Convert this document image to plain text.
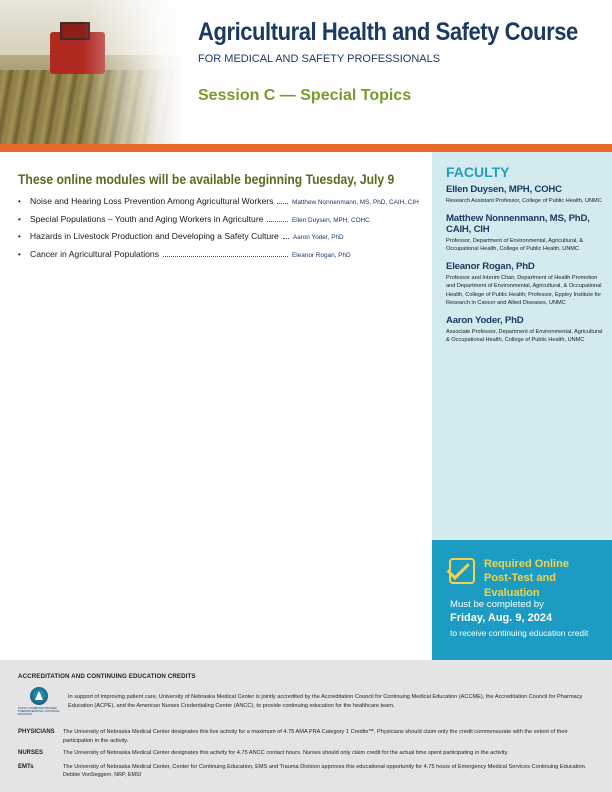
Agricultural Health and Safety Course
FOR MEDICAL AND SAFETY PROFESSIONALS
Session C — Special Topics
These online modules will be available beginning Tuesday, July 9
•	Noise and Hearing Loss Prevention Among Agricultural Workers	Matthew Nonnenmann, MS, PhD, CAIH, CIH
•	Special Populations – Youth and Aging Workers in Agriculture	Ellen Duysen, MPH, COHC
•	Hazards in Livestock Production and Developing a Safety Culture Aaron Yoder, PhD
•	Cancer in Agricultural Populations	Eleanor Rogan, PhD
FACULTY
Ellen Duysen, MPH, COHC
Research Assistant Professor, College of Public Health, UNMC
Matthew Nonnenmann, MS, PhD, CAIH, CIH
Professor, Department of Environmental, Agricultural, & Occupational Health, College of Public Health, UNMC
Eleanor Rogan, PhD
Professor and Interim Chair, Department of Health Promotion and Department of Environmental, Agricultural, & Occupational Health, College of Public Health; Professor, Eppley Institute for Research in Cancer and Allied Diseases, UNMC
Aaron Yoder, PhD
Associate Professor, Department of Environmental, Agricultural & Occupational Health, College of Public Health, UNMC
Required Online
Post-Test and Evaluation
Must be completed by
Friday, Aug. 9, 2024
to receive continuing education credit
ACCREDITATION AND CONTINUING EDUCATION CREDITS
JOINTLY ACCREDITED PROVIDER INTERPROFESSIONAL CONTINUING EDUCATION
In support of improving patient care, University of Nebraska Medical Center is jointly accredited by the Accreditation Council for Continuing Medical Education (ACCME), the Accreditation Council for Pharmacy Education (ACPE), and the American Nurses Credentialing Center (ANCC), to provide continuing education for the healthcare team.
PHYSICIANS	The University of Nebraska Medical Center designates this live activity for a maximum of 4.75 AMA PRA Category 1 Credits™. Physicians should claim only the credit commensurate with the extent of their participation in the activity.
NURSES	The University of Nebraska Medical Center designates this activity for 4.75 ANCC contact hours. Nurses should only claim credit for the actual time spent participating in the activity.
EMTs	The University of Nebraska Medical Center, Center for Continuing Education, EMS and Trauma Division approves this educational opportunity for 4.75 hours of Emergency Medical Services Continuing Education.
Debbie VonSeggern, NRP, EMSI
